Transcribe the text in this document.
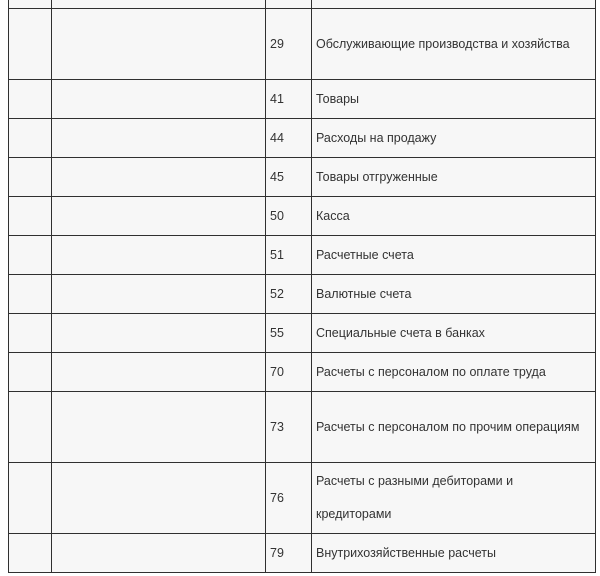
		29	Обслуживающие производства и хозяйства
		41	Товары
		44	Расходы на продажу
		45	Товары отгруженные
		50	Касса
		51	Расчетные счета
		52	Валютные счета
		55	Специальные счета в банках
		70	Расчеты с персоналом по оплате труда
		73	Расчеты с персоналом по прочим операциям
		76	Расчеты с разными дебиторами и кредиторами
		79	Внутрихозяйственные расчеты
